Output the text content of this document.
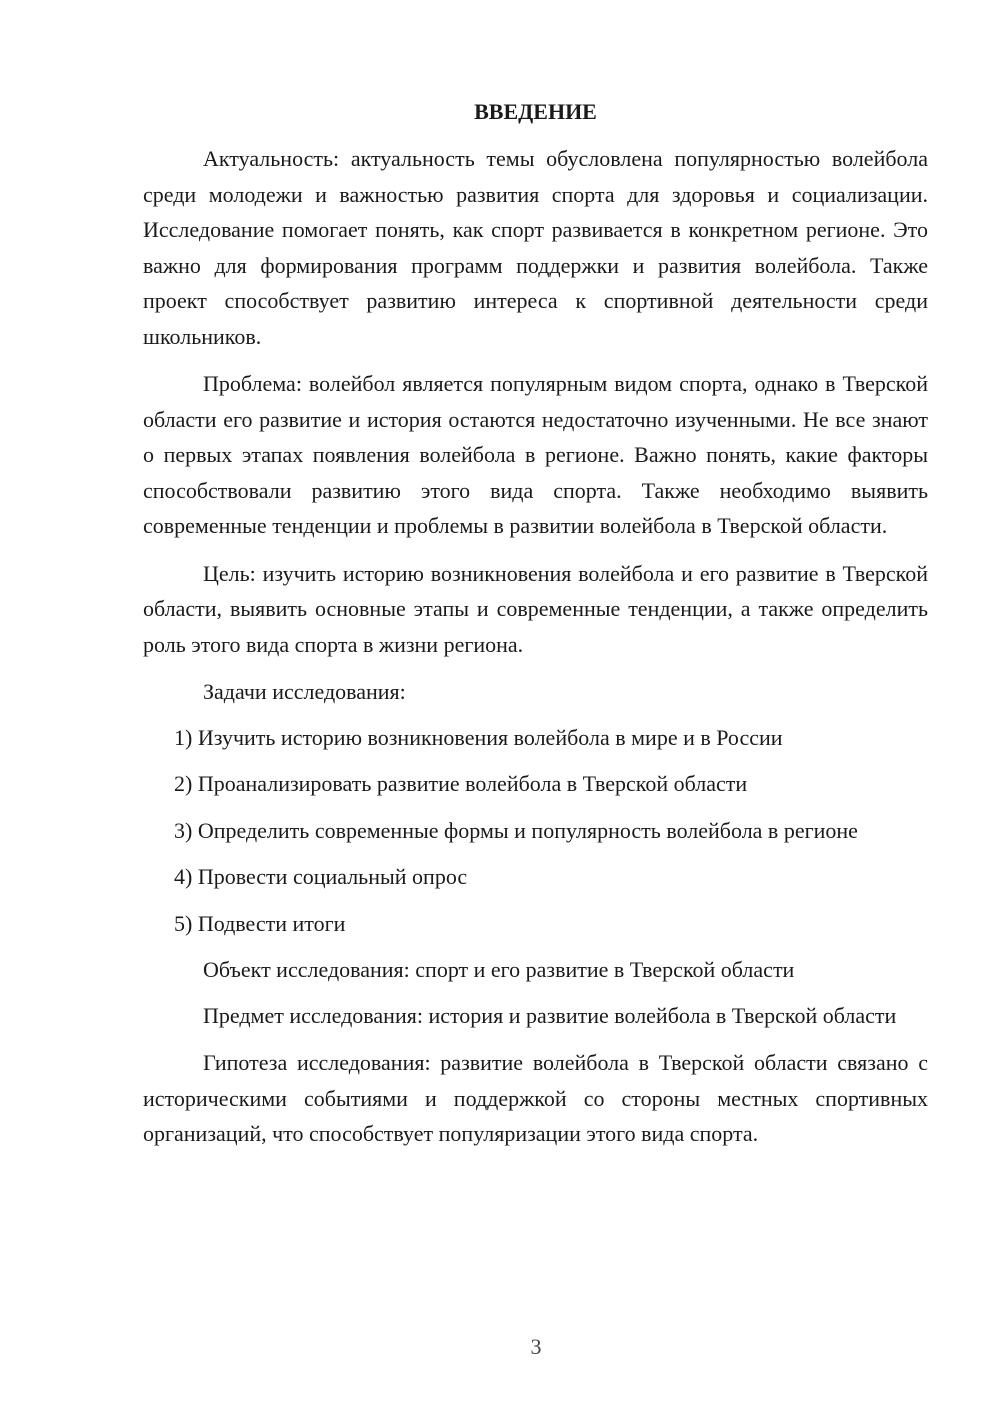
ВВЕДЕНИЕ
Актуальность: актуальность темы обусловлена популярностью волейбола среди молодежи и важностью развития спорта для здоровья и социализации. Исследование помогает понять, как спорт развивается в конкретном регионе. Это важно для формирования программ поддержки и развития волейбола. Также проект способствует развитию интереса к спортивной деятельности среди школьников.
Проблема: волейбол является популярным видом спорта, однако в Тверской области его развитие и история остаются недостаточно изученными. Не все знают о первых этапах появления волейбола в регионе. Важно понять, какие факторы способствовали развитию этого вида спорта. Также необходимо выявить современные тенденции и проблемы в развитии волейбола в Тверской области.
Цель: изучить историю возникновения волейбола и его развитие в Тверской области, выявить основные этапы и современные тенденции, а также определить роль этого вида спорта в жизни региона.
Задачи исследования:
1) Изучить историю возникновения волейбола в мире и в России
2) Проанализировать развитие волейбола в Тверской области
3) Определить современные формы и популярность волейбола в регионе
4) Провести социальный опрос
5) Подвести итоги
Объект исследования: спорт и его развитие в Тверской области
Предмет исследования: история и развитие волейбола в Тверской области
Гипотеза исследования: развитие волейбола в Тверской области связано с историческими событиями и поддержкой со стороны местных спортивных организаций, что способствует популяризации этого вида спорта.
3
